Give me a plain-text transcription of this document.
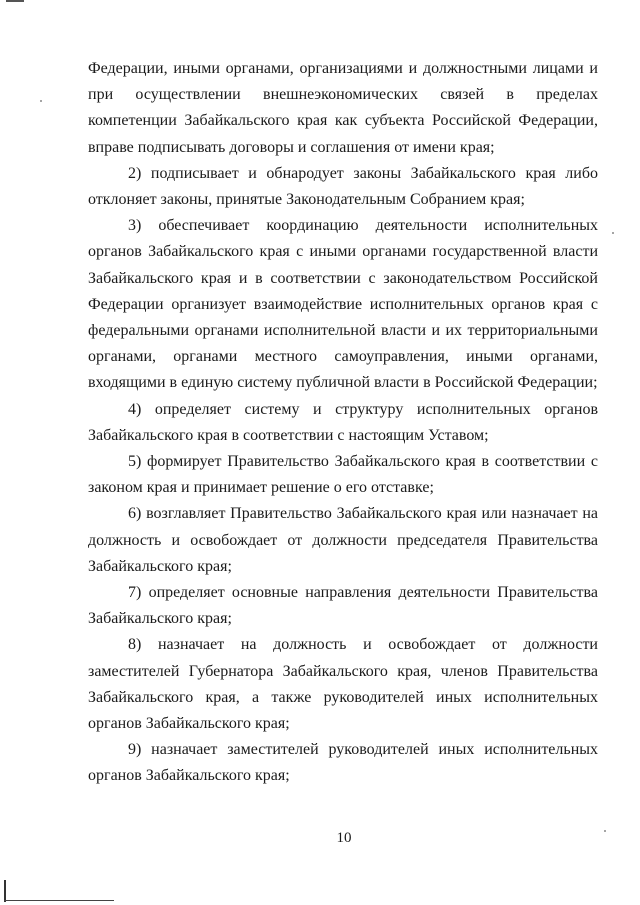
Федерации, иными органами, организациями и должностными лицами и при осуществлении внешнеэкономических связей в пределах компетенции Забайкальского края как субъекта Российской Федерации, вправе подписывать договоры и соглашения от имени края;

2) подписывает и обнародует законы Забайкальского края либо отклоняет законы, принятые Законодательным Собранием края;

3) обеспечивает координацию деятельности исполнительных органов Забайкальского края с иными органами государственной власти Забайкальского края и в соответствии с законодательством Российской Федерации организует взаимодействие исполнительных органов края с федеральными органами исполнительной власти и их территориальными органами, органами местного самоуправления, иными органами, входящими в единую систему публичной власти в Российской Федерации;

4) определяет систему и структуру исполнительных органов Забайкальского края в соответствии с настоящим Уставом;

5) формирует Правительство Забайкальского края в соответствии с законом края и принимает решение о его отставке;

6) возглавляет Правительство Забайкальского края или назначает на должность и освобождает от должности председателя Правительства Забайкальского края;

7) определяет основные направления деятельности Правительства Забайкальского края;

8) назначает на должность и освобождает от должности заместителей Губернатора Забайкальского края, членов Правительства Забайкальского края, а также руководителей иных исполнительных органов Забайкальского края;

9) назначает заместителей руководителей иных исполнительных органов Забайкальского края;

10
